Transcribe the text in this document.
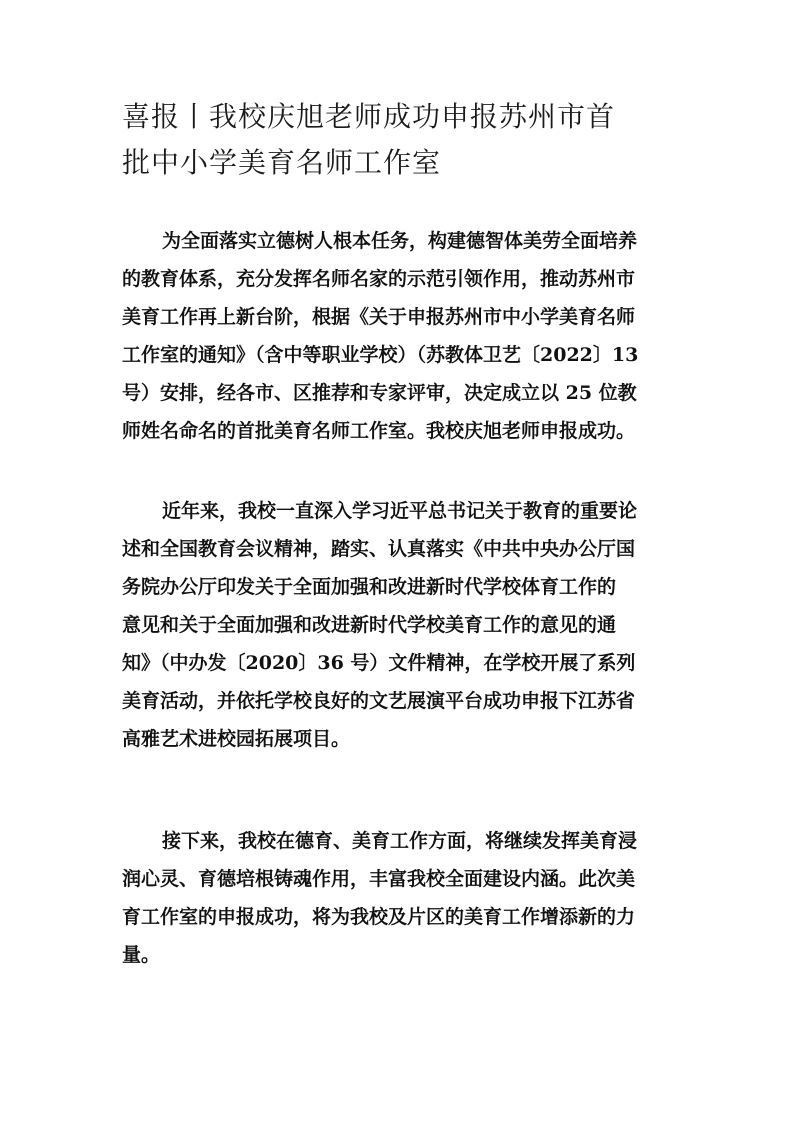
喜报丨我校庆旭老师成功申报苏州市首
批中小学美育名师工作室
为全面落实立德树人根本任务，构建德智体美劳全面培养
的教育体系，充分发挥名师名家的示范引领作用，推动苏州市
美育工作再上新台阶，根据《关于申报苏州市中小学美育名师
工作室的通知》（含中等职业学校）（苏教体卫艺〔2022〕13
号）安排，经各市、区推荐和专家评审，决定成立以 25 位教
师姓名命名的首批美育名师工作室。我校庆旭老师申报成功。
近年来，我校一直深入学习近平总书记关于教育的重要论
述和全国教育会议精神，踏实、认真落实《中共中央办公厅国
务院办公厅印发关于全面加强和改进新时代学校体育工作的
意见和关于全面加强和改进新时代学校美育工作的意见的通
知》（中办发〔2020〕36 号）文件精神，在学校开展了系列
美育活动，并依托学校良好的文艺展演平台成功申报下江苏省
高雅艺术进校园拓展项目。
接下来，我校在德育、美育工作方面，将继续发挥美育浸
润心灵、育德培根铸魂作用，丰富我校全面建设内涵。此次美
育工作室的申报成功，将为我校及片区的美育工作增添新的力
量。
